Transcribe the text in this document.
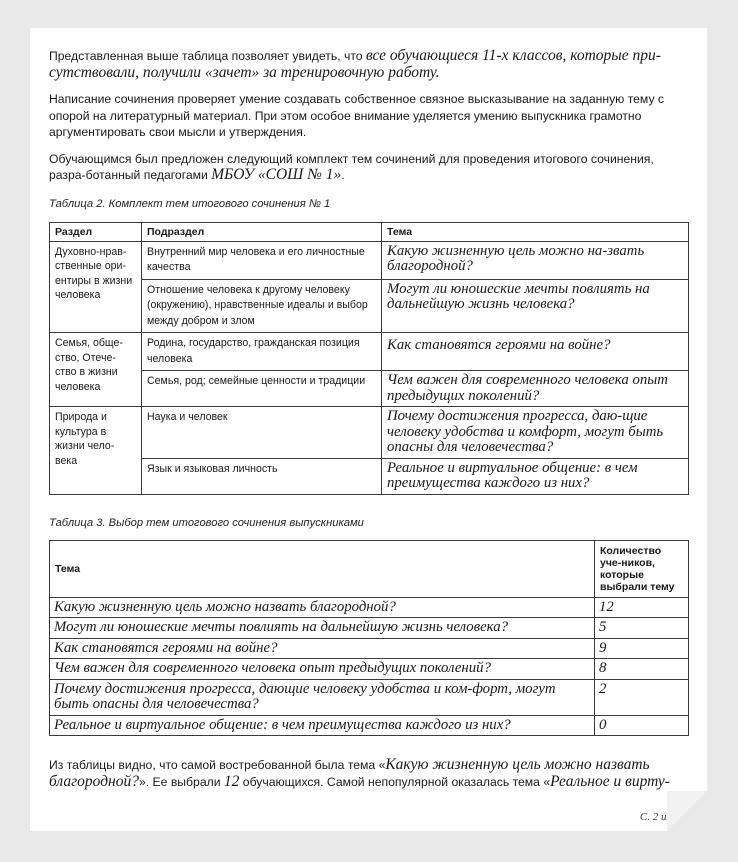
Представленная выше таблица позволяет увидеть, что все обучающиеся 11-х классов, которые при-сутствовали, получили «зачет» за тренировочную работу.

Написание сочинения проверяет умение создавать собственное связное высказывание на заданную тему с опорой на литературный материал. При этом особое внимание уделяется умению выпускника грамотно аргументировать свои мысли и утверждения.

Обучающимся был предложен следующий комплект тем сочинений для проведения итогового сочинения, разра-ботанный педагогами МБОУ «СОШ № 1».

Таблица 2. Комплект тем итогового сочинения № 1
Раздел	Подраздел	Тема
Духовно-нрав-ственные ори-ентиры в жизни человека	Внутренний мир человека и его личностные качества	Какую жизненную цель можно на-звать благородной?
	Отношение человека к другому человеку (окружению), нравственные идеалы и выбор между добром и злом	Могут ли юношеские мечты повлиять на дальнейшую жизнь человека?
Семья, обще-ство, Отече-ство в жизни человека	Родина, государство, гражданская позиция человека	Как становятся героями на войне?
	Семья, род; семейные ценности и традиции	Чем важен для современного человека опыт предыдущих поколений?
Природа и культура в жизни чело-века	Наука и человек	Почему достижения прогресса, даю-щие человеку удобства и комфорт, могут быть опасны для человечества?
	Язык и языковая личность	Реальное и виртуальное общение: в чем преимущества каждого из них?
Таблица 3. Выбор тем итогового сочинения выпускниками
Тема	Количество уче-ников, которые выбрали тему
Какую жизненную цель можно назвать благородной?	12
Могут ли юношеские мечты повлиять на дальнейшую жизнь человека?	5
Как становятся героями на войне?	9
Чем важен для современного человека опыт предыдущих поколений?	8
Почему достижения прогресса, дающие человеку удобства и ком-форт, могут быть опасны для человечества?	2
Реальное и виртуальное общение: в чем преимущества каждого из них?	0

Из таблицы видно, что самой востребованной была тема «Какую жизненную цель можно назвать благородной?». Ее выбрали 12 обучающихся. Самой непопулярной оказалась тема «Реальное и вирту-

С. 2 из 5
